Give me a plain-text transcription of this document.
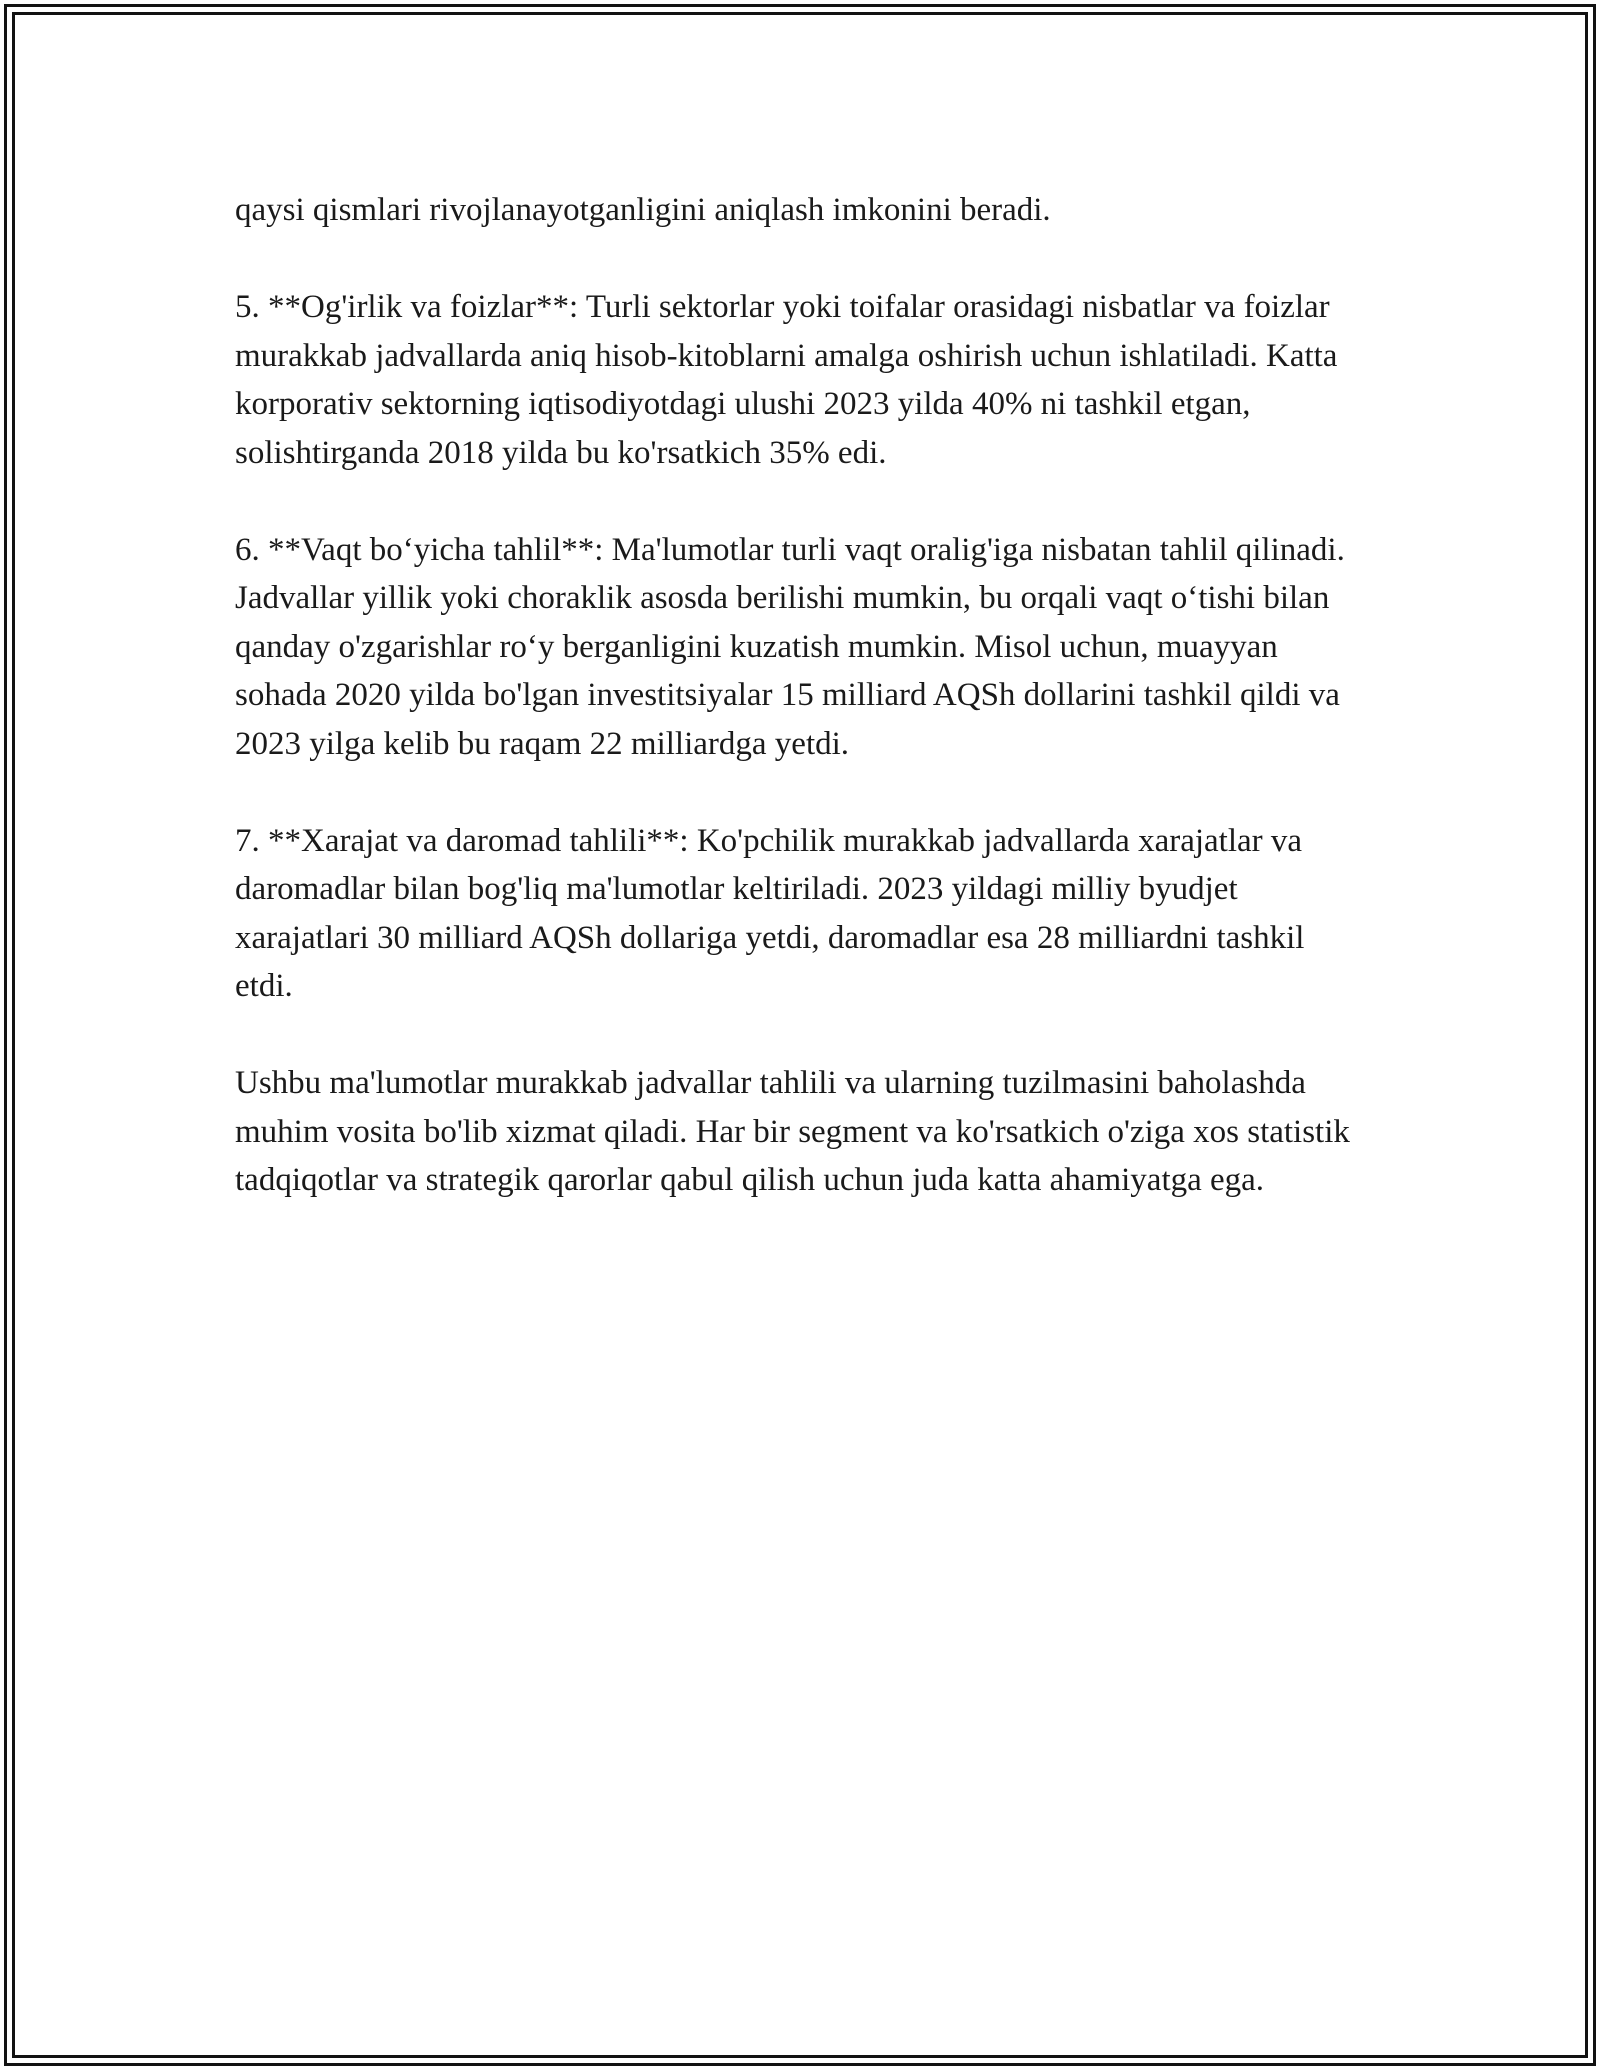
qaysi qismlari rivojlanayotganligini aniqlash imkonini beradi.

5. **Og'irlik va foizlar**: Turli sektorlar yoki toifalar orasidagi nisbatlar va foizlar murakkab jadvallarda aniq hisob-kitoblarni amalga oshirish uchun ishlatiladi. Katta korporativ sektorning iqtisodiyotdagi ulushi 2023 yilda 40% ni tashkil etgan, solishtirganda 2018 yilda bu ko'rsatkich 35% edi.

6. **Vaqt bo‘yicha tahlil**: Ma'lumotlar turli vaqt oralig'iga nisbatan tahlil qilinadi. Jadvallar yillik yoki choraklik asosda berilishi mumkin, bu orqali vaqt o‘tishi bilan qanday o'zgarishlar ro‘y berganligini kuzatish mumkin. Misol uchun, muayyan sohada 2020 yilda bo'lgan investitsiyalar 15 milliard AQSh dollarini tashkil qildi va 2023 yilga kelib bu raqam 22 milliardga yetdi.

7. **Xarajat va daromad tahlili**: Ko'pchilik murakkab jadvallarda xarajatlar va daromadlar bilan bog'liq ma'lumotlar keltiriladi. 2023 yildagi milliy byudjet xarajatlari 30 milliard AQSh dollariga yetdi, daromadlar esa 28 milliardni tashkil etdi.

Ushbu ma'lumotlar murakkab jadvallar tahlili va ularning tuzilmasini baholashda muhim vosita bo'lib xizmat qiladi. Har bir segment va ko'rsatkich o'ziga xos statistik tadqiqotlar va strategik qarorlar qabul qilish uchun juda katta ahamiyatga ega.
